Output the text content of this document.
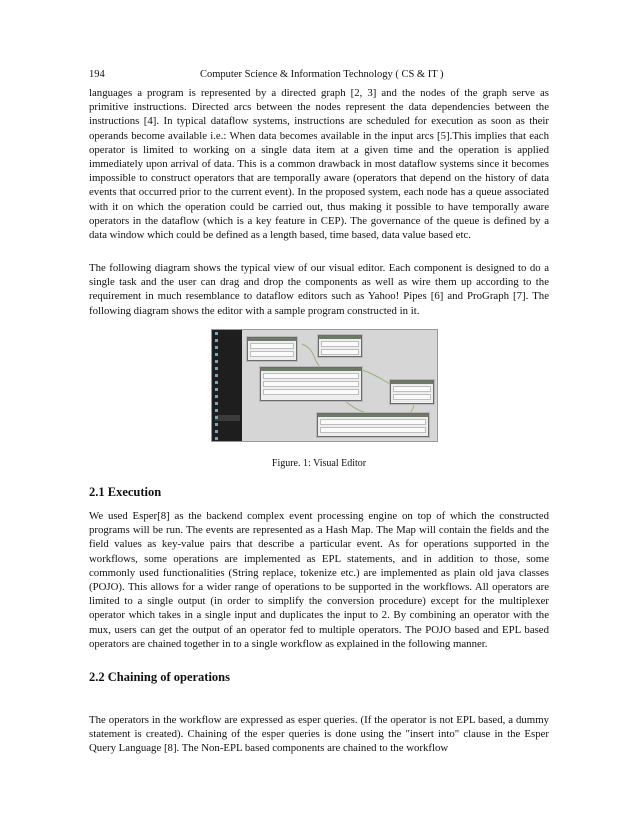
194	Computer Science & Information Technology ( CS & IT )

languages a program is represented by a directed graph [2, 3] and the nodes of the graph serve as primitive instructions. Directed arcs between the nodes represent the data dependencies between the instructions [4]. In typical dataflow systems, instructions are scheduled for execution as soon as their operands become available i.e.: When data becomes available in the input arcs [5].This implies that each operator is limited to working on a single data item at a given time and the operation is applied immediately upon arrival of data. This is a common drawback in most dataflow systems since it becomes impossible to construct operators that are temporally aware (operators that depend on the history of data events that occurred prior to the current event). In the proposed system, each node has a queue associated with it on which the operation could be carried out, thus making it possible to have temporally aware operators in the dataflow (which is a key feature in CEP). The governance of the queue is defined by a data window which could be defined as a length based, time based, data value based etc.

The following diagram shows the typical view of our visual editor. Each component is designed to do a single task and the user can drag and drop the components as well as wire them up according to the requirement in much resemblance to dataflow editors such as Yahoo! Pipes [6] and ProGraph [7]. The following diagram shows the editor with a sample program constructed in it.

Figure. 1: Visual Editor
2.1 Execution

We used Esper[8] as the backend complex event processing engine on top of which the constructed programs will be run. The events are represented as a Hash Map. The Map will contain the fields and the field values as key-value pairs that describe a particular event. As for operations supported in the workflows, some operations are implemented as EPL statements, and in addition to those, some commonly used functionalities (String replace, tokenize etc.) are implemented as plain old java classes (POJO). This allows for a wider range of operations to be supported in the workflows. All operators are limited to a single output (in order to simplify the conversion procedure) except for the multiplexer operator which takes in a single input and duplicates the input to 2. By combining an operator with the mux, users can get the output of an operator fed to multiple operators. The POJO based and EPL based operators are chained together in to a single workflow as explained in the following manner.

2.2 Chaining of operations

The operators in the workflow are expressed as esper queries. (If the operator is not EPL based, a dummy statement is created). Chaining of the esper queries is done using the "insert into" clause in the Esper Query Language [8]. The Non-EPL based components are chained to the workflow
